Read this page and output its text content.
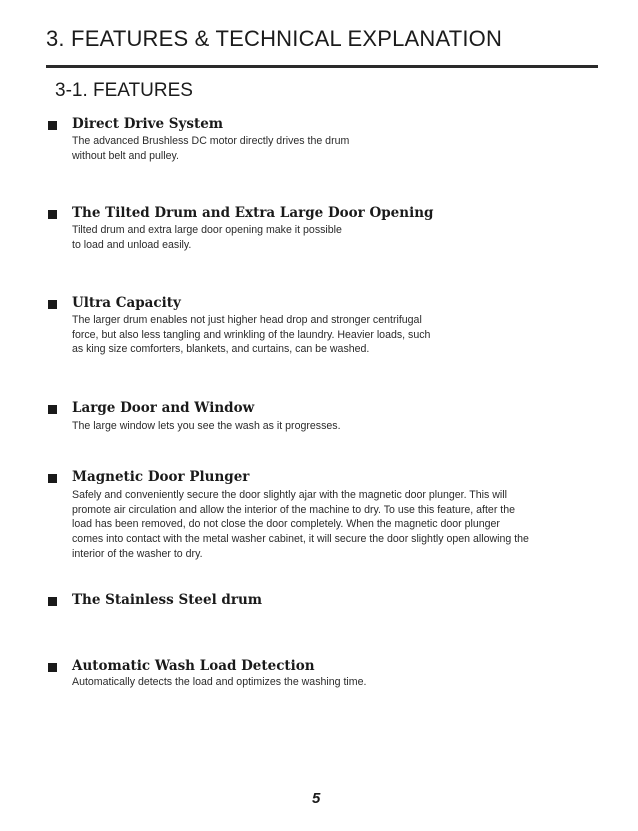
3. FEATURES & TECHNICAL EXPLANATION
3-1. FEATURES
Direct Drive System
The advanced Brushless DC motor directly drives the drum
without belt and pulley.
The Tilted Drum and Extra Large Door Opening
Tilted drum and extra large door opening make it possible
to load and unload easily.
Ultra Capacity
The larger drum enables not just higher head drop and stronger centrifugal
force, but also less tangling and wrinkling of the laundry. Heavier loads, such
as king size comforters, blankets, and curtains, can be washed.
Large Door and Window
The large window lets you see the wash as it progresses.
Magnetic Door Plunger
Safely and conveniently secure the door slightly ajar with the magnetic door plunger. This will
promote air circulation and allow the interior of the machine to dry. To use this feature, after the
load has been removed, do not close the door completely. When the magnetic door plunger
comes into contact with the metal washer cabinet, it will secure the door slightly open allowing the
interior of the washer to dry.
The Stainless Steel drum
Automatic Wash Load Detection
Automatically detects the load and optimizes the washing time.
5
